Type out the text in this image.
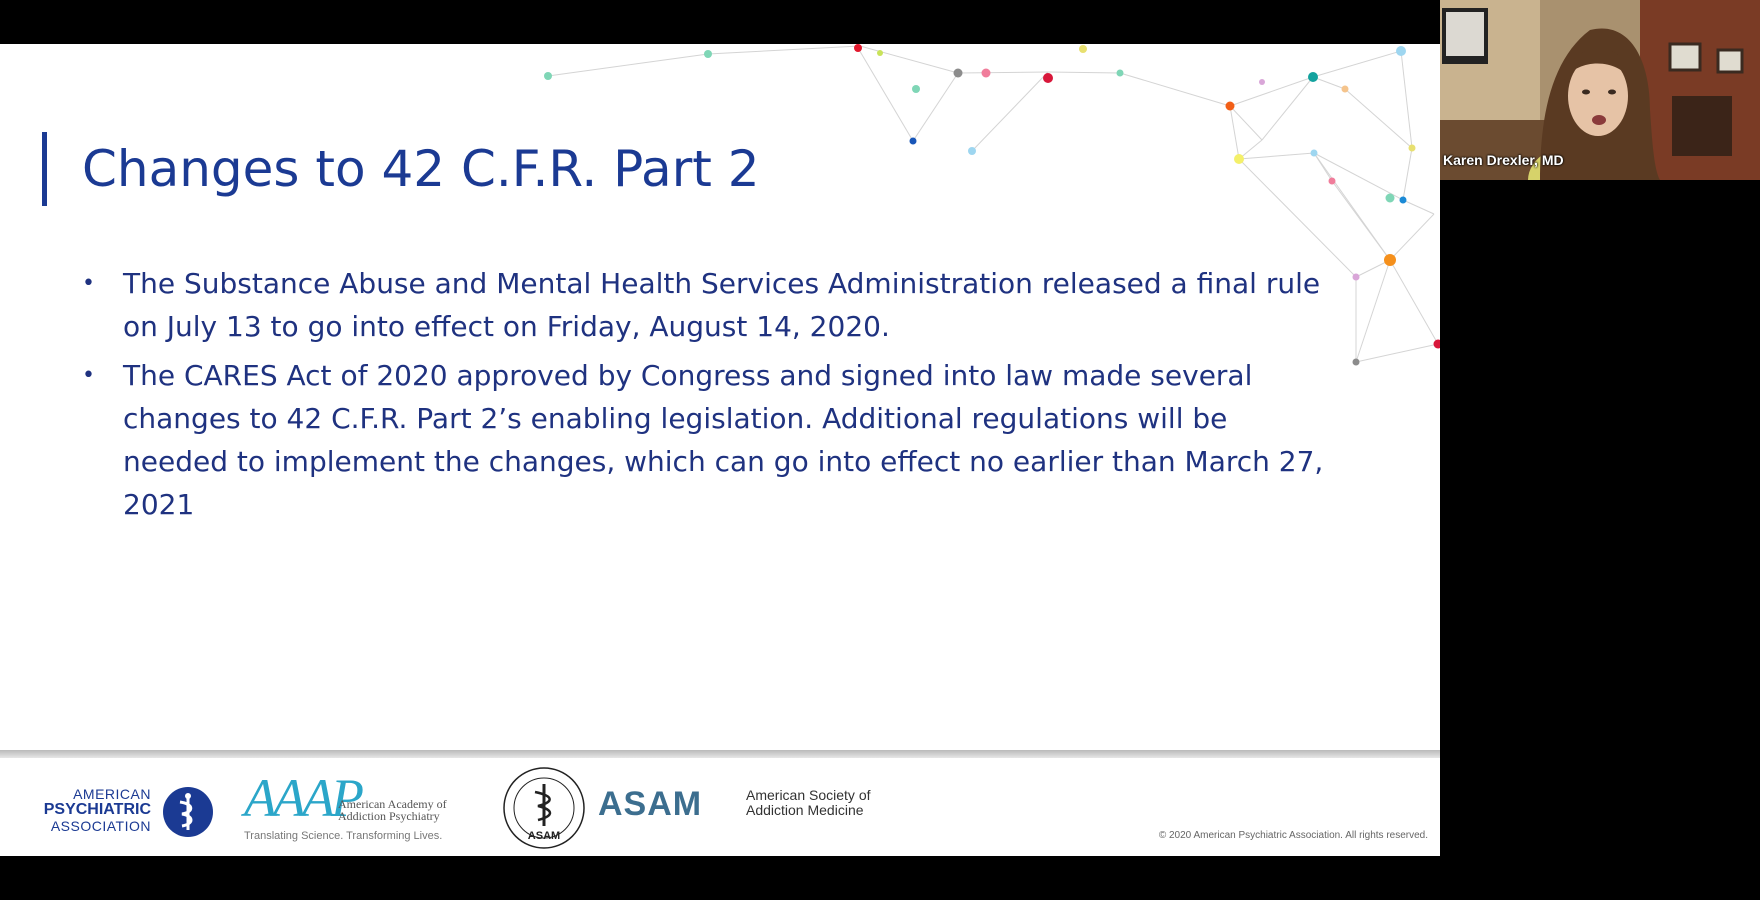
Changes to 42 C.F.R. Part 2
• The Substance Abuse and Mental Health Services Administration released a final rule on July 13 to go into effect on Friday, August 14, 2020.
• The CARES Act of 2020 approved by Congress and signed into law made several changes to 42 C.F.R. Part 2’s enabling legislation. Additional regulations will be needed to implement the changes, which can go into effect no earlier than March 27, 2021
AMERICAN
PSYCHIATRIC
ASSOCIATION AAAP
American Academy of
Addiction Psychiatry
Translating Science. Transforming Lives.	ASAM
ASAM	American Society of
Addiction Medicine
© 2020 American Psychiatric Association. All rights reserved.
Karen Drexler, MD
